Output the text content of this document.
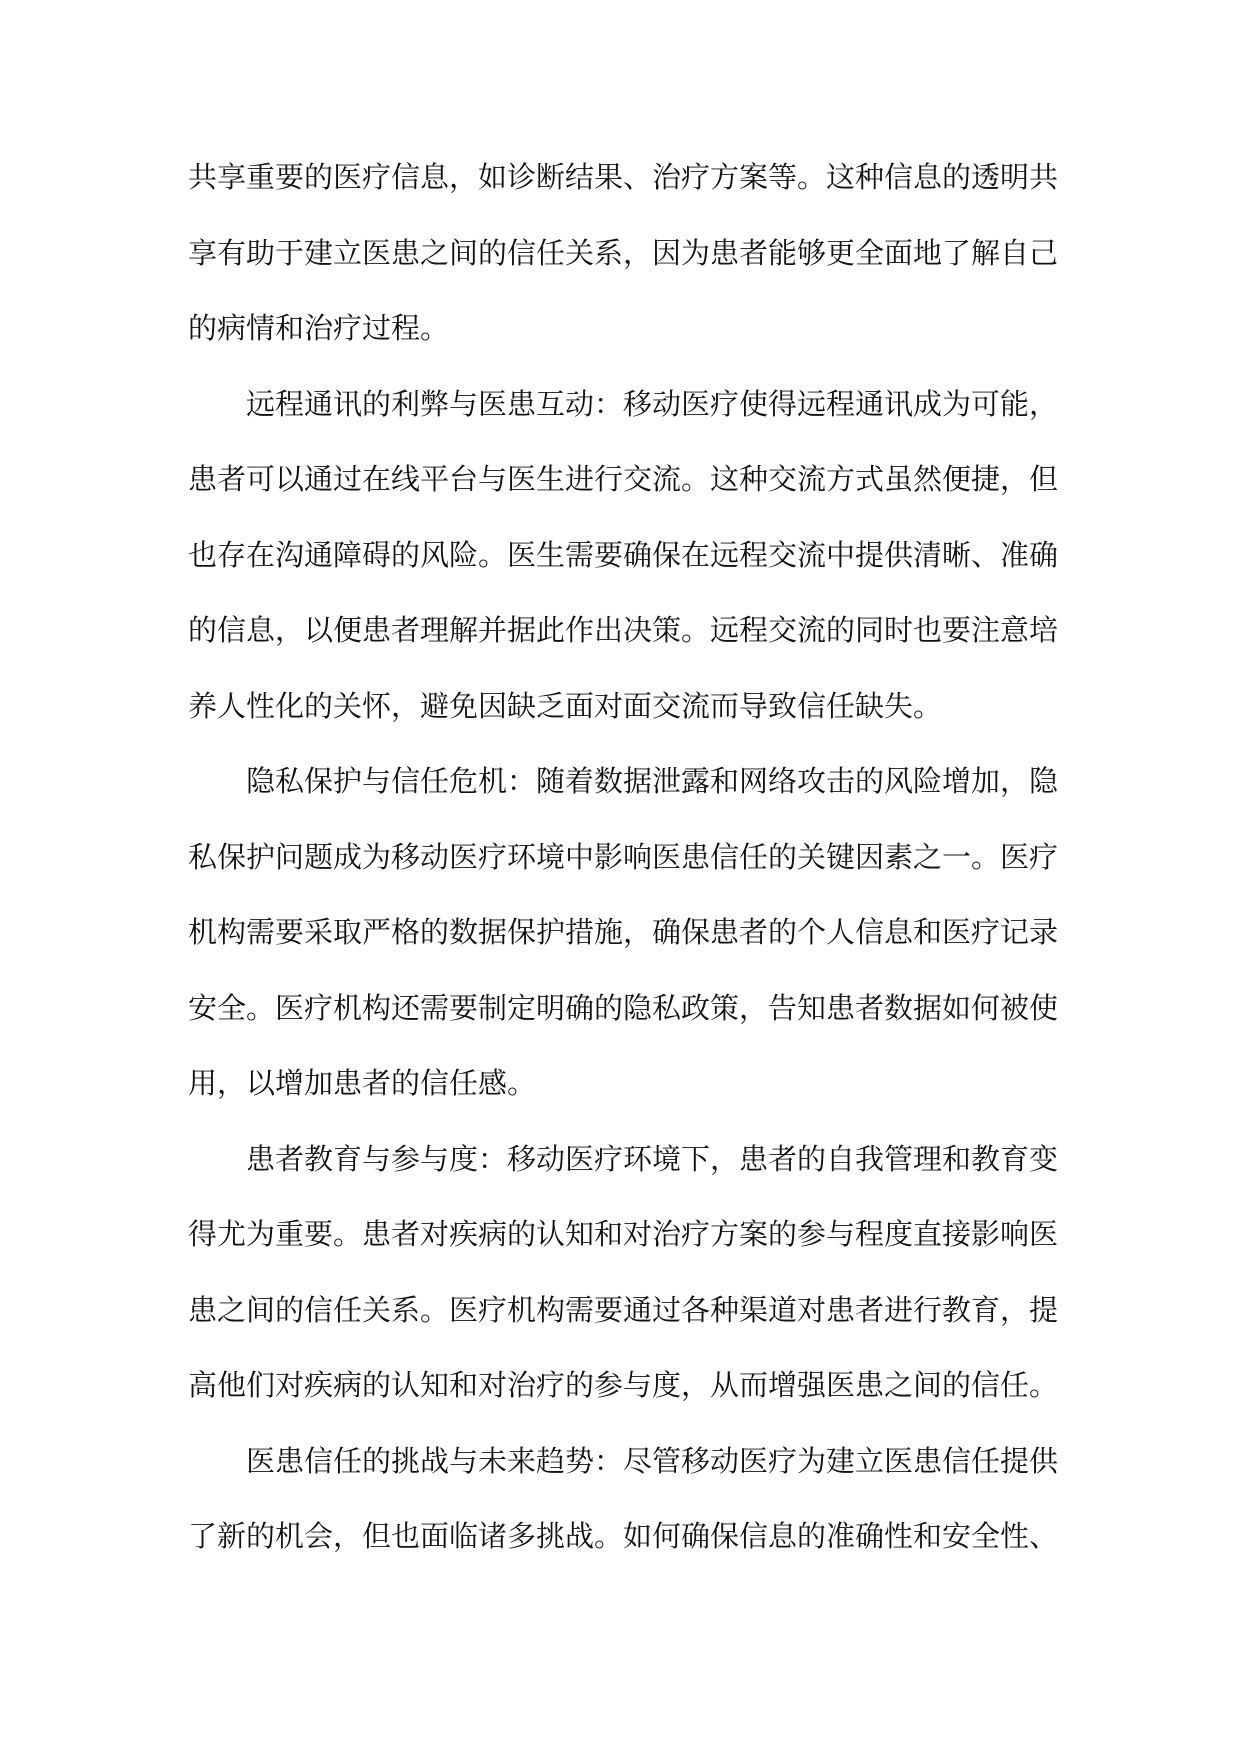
共享重要的医疗信息，如诊断结果、治疗方案等。这种信息的透明共
享有助于建立医患之间的信任关系，因为患者能够更全面地了解自己
的病情和治疗过程。
远程通讯的利弊与医患互动：移动医疗使得远程通讯成为可能，
患者可以通过在线平台与医生进行交流。这种交流方式虽然便捷，但
也存在沟通障碍的风险。医生需要确保在远程交流中提供清晰、准确
的信息，以便患者理解并据此作出决策。远程交流的同时也要注意培
养人性化的关怀，避免因缺乏面对面交流而导致信任缺失。
隐私保护与信任危机：随着数据泄露和网络攻击的风险增加，隐
私保护问题成为移动医疗环境中影响医患信任的关键因素之一。医疗
机构需要采取严格的数据保护措施，确保患者的个人信息和医疗记录
安全。医疗机构还需要制定明确的隐私政策，告知患者数据如何被使
用，以增加患者的信任感。
患者教育与参与度：移动医疗环境下，患者的自我管理和教育变
得尤为重要。患者对疾病的认知和对治疗方案的参与程度直接影响医
患之间的信任关系。医疗机构需要通过各种渠道对患者进行教育，提
高他们对疾病的认知和对治疗的参与度，从而增强医患之间的信任。
医患信任的挑战与未来趋势：尽管移动医疗为建立医患信任提供
了新的机会，但也面临诸多挑战。如何确保信息的准确性和安全性、
